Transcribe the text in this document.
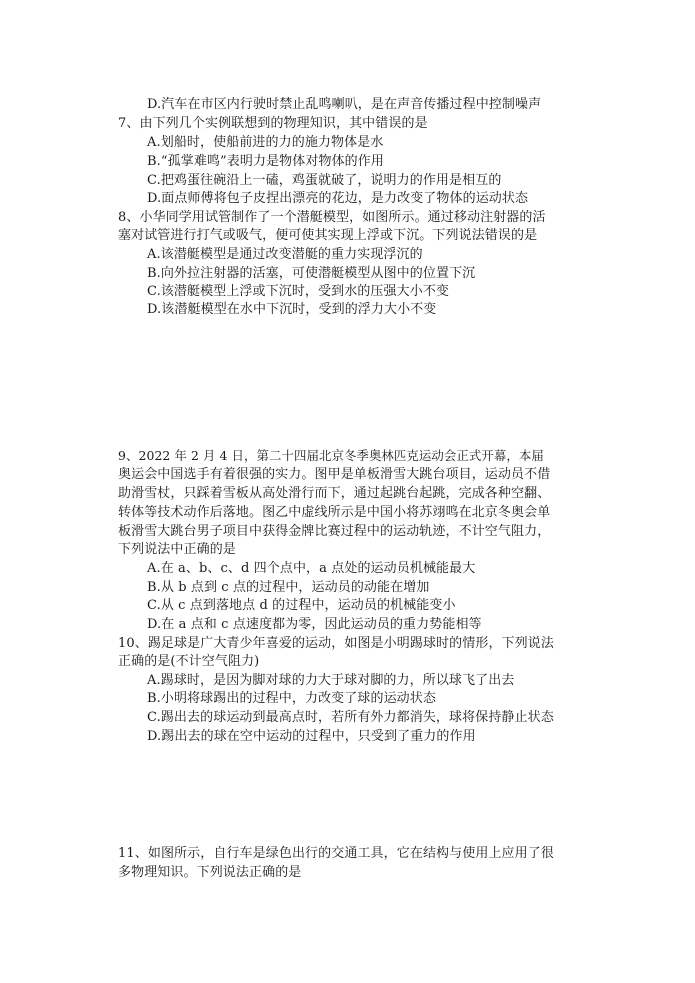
D.汽车在市区内行驶时禁止乱鸣喇叭，是在声音传播过程中控制噪声
7、由下列几个实例联想到的物理知识，其中错误的是
A.划船时，使船前进的力的施力物体是水
B.“孤掌难鸣”表明力是物体对物体的作用
C.把鸡蛋往碗沿上一磕，鸡蛋就破了，说明力的作用是相互的
D.面点师傅将包子皮捏出漂亮的花边，是力改变了物体的运动状态
8、小华同学用试管制作了一个潜艇模型，如图所示。通过移动注射器的活
塞对试管进行打气或吸气，便可使其实现上浮或下沉。下列说法错误的是
A.该潜艇模型是通过改变潜艇的重力实现浮沉的
B.向外拉注射器的活塞，可使潜艇模型从图中的位置下沉
C.该潜艇模型上浮或下沉时，受到水的压强大小不变
D.该潜艇模型在水中下沉时，受到的浮力大小不变
9、2022 年 2 月 4 日，第二十四届北京冬季奥林匹克运动会正式开幕，本届
奥运会中国选手有着很强的实力。图甲是单板滑雪大跳台项目，运动员不借
助滑雪杖，只踩着雪板从高处滑行而下，通过起跳台起跳，完成各种空翻、
转体等技术动作后落地。图乙中虚线所示是中国小将苏翊鸣在北京冬奥会单
板滑雪大跳台男子项目中获得金牌比赛过程中的运动轨迹，不计空气阻力，
下列说法中正确的是
A.在 a、b、c、d 四个点中，a 点处的运动员机械能最大
B.从 b 点到 c 点的过程中，运动员的动能在增加
C.从 c 点到落地点 d 的过程中，运动员的机械能变小
D.在 a 点和 c 点速度都为零，因此运动员的重力势能相等
10、踢足球是广大青少年喜爱的运动，如图是小明踢球时的情形，下列说法
正确的是(不计空气阻力)
A.踢球时，是因为脚对球的力大于球对脚的力，所以球飞了出去
B.小明将球踢出的过程中，力改变了球的运动状态
C.踢出去的球运动到最高点时，若所有外力都消失，球将保持静止状态
D.踢出去的球在空中运动的过程中，只受到了重力的作用
11、如图所示，自行车是绿色出行的交通工具，它在结构与使用上应用了很
多物理知识。下列说法正确的是
